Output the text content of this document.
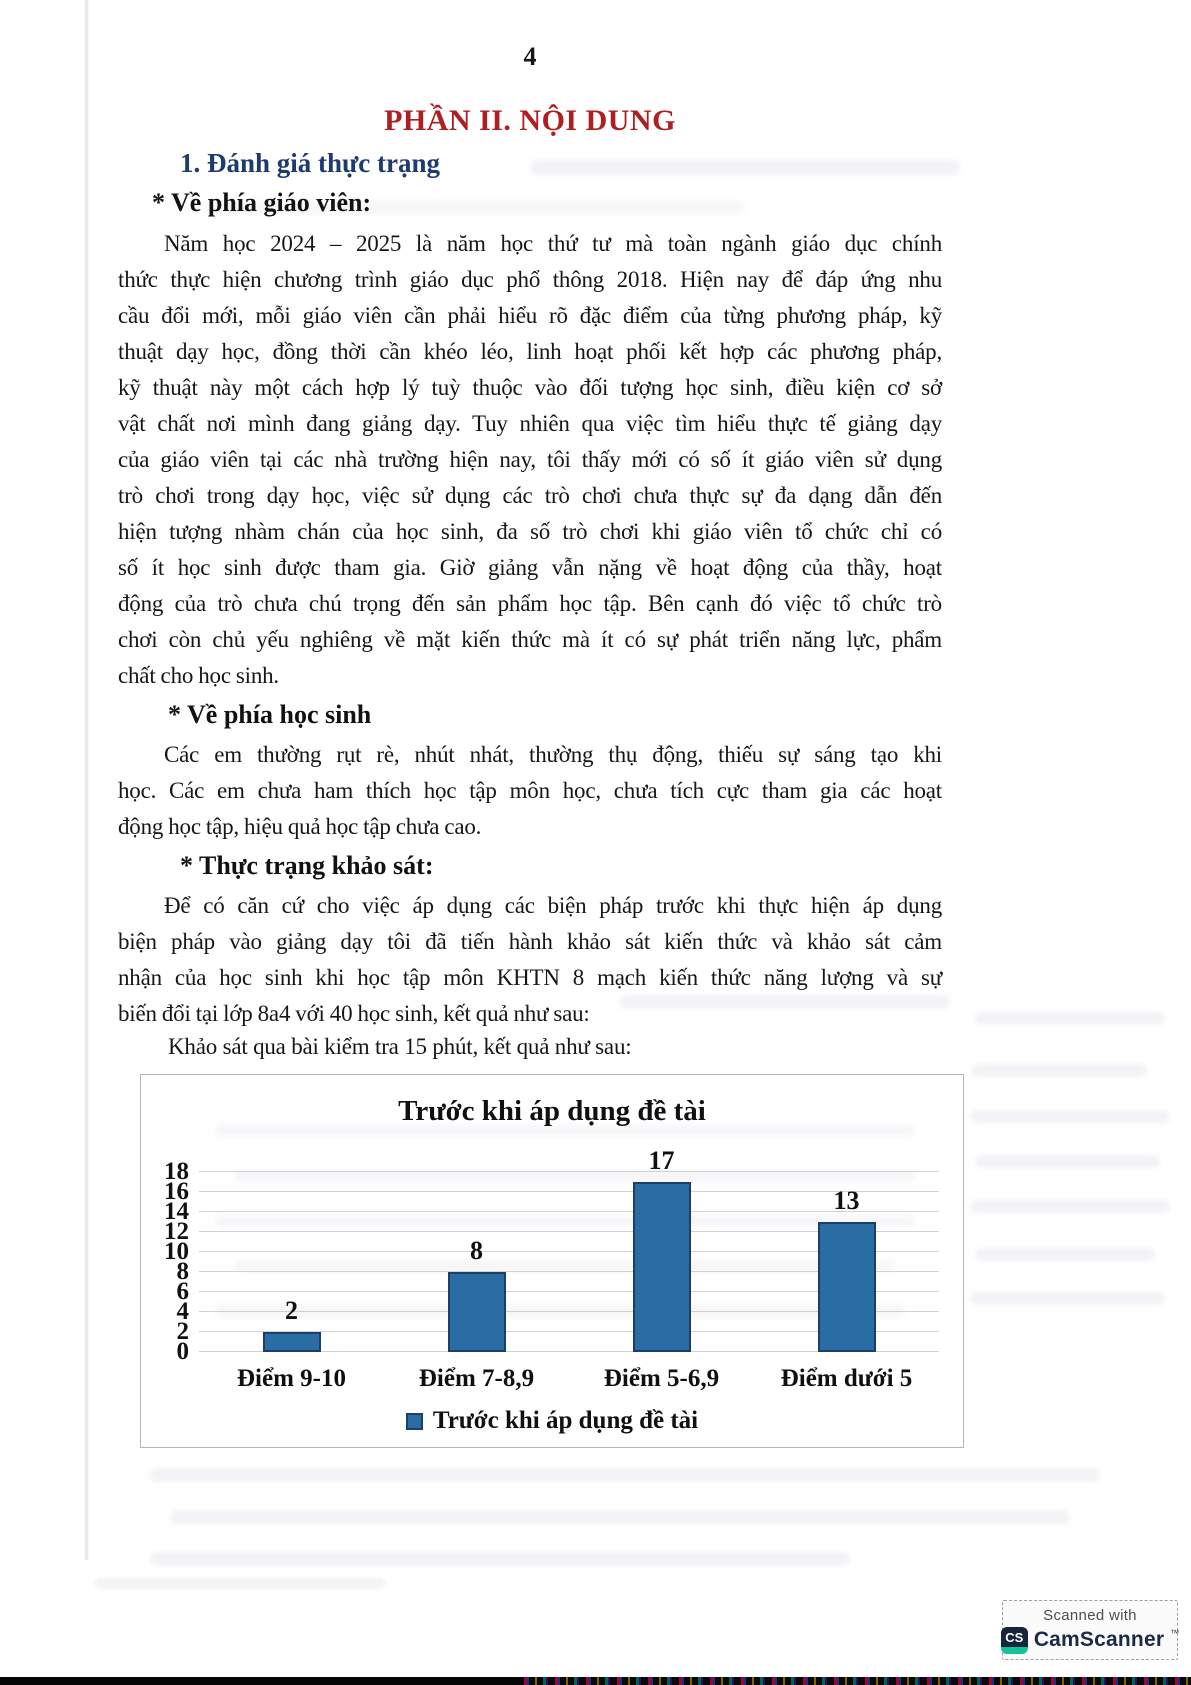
4
PHẦN II. NỘI DUNG
1. Đánh giá thực trạng
* Về phía giáo viên:
Năm học 2024 – 2025 là năm học thứ tư mà toàn ngành giáo dục chính
thức thực hiện chương trình giáo dục phổ thông 2018. Hiện nay để đáp ứng nhu
cầu đổi mới, mỗi giáo viên cần phải hiểu rõ đặc điểm của từng phương pháp, kỹ
thuật dạy học, đồng thời cần khéo léo, linh hoạt phối kết hợp các phương pháp,
kỹ thuật này một cách hợp lý tuỳ thuộc vào đối tượng học sinh, điều kiện cơ sở
vật chất nơi mình đang giảng dạy. Tuy nhiên qua việc tìm hiểu thực tế giảng dạy
của giáo viên tại các nhà trường hiện nay, tôi thấy mới có số ít giáo viên sử dụng
trò chơi trong dạy học, việc sử dụng các trò chơi chưa thực sự đa dạng dẫn đến
hiện tượng nhàm chán của học sinh, đa số trò chơi khi giáo viên tổ chức chỉ có
số ít học sinh được tham gia. Giờ giảng vẫn nặng về hoạt động của thầy, hoạt
động của trò chưa chú trọng đến sản phẩm học tập. Bên cạnh đó việc tổ chức trò
chơi còn chủ yếu nghiêng về mặt kiến thức mà ít có sự phát triển năng lực, phẩm
chất cho học sinh.
* Về phía học sinh
Các em thường rụt rè, nhút nhát, thường thụ động, thiếu sự sáng tạo khi
học. Các em chưa ham thích học tập môn học, chưa tích cực tham gia các hoạt
động học tập, hiệu quả học tập chưa cao.
* Thực trạng khảo sát:
Để có căn cứ cho việc áp dụng các biện pháp trước khi thực hiện áp dụng
biện pháp vào giảng dạy tôi đã tiến hành khảo sát kiến thức và khảo sát cảm
nhận của học sinh khi học tập môn KHTN 8 mạch kiến thức năng lượng và sự
biến đổi tại lớp 8a4 với 40 học sinh, kết quả như sau:
Khảo sát qua bài kiểm tra 15 phút, kết quả như sau:
Trước khi áp dụng đề tài
0
2
4
6
8
10
12
14
16
18
2
8
17
13
Điểm 9-10	Điểm 7-8,9	Điểm 5-6,9	Điểm dưới 5
Trước khi áp dụng đề tài
Scanned with
CS CamScanner ™
